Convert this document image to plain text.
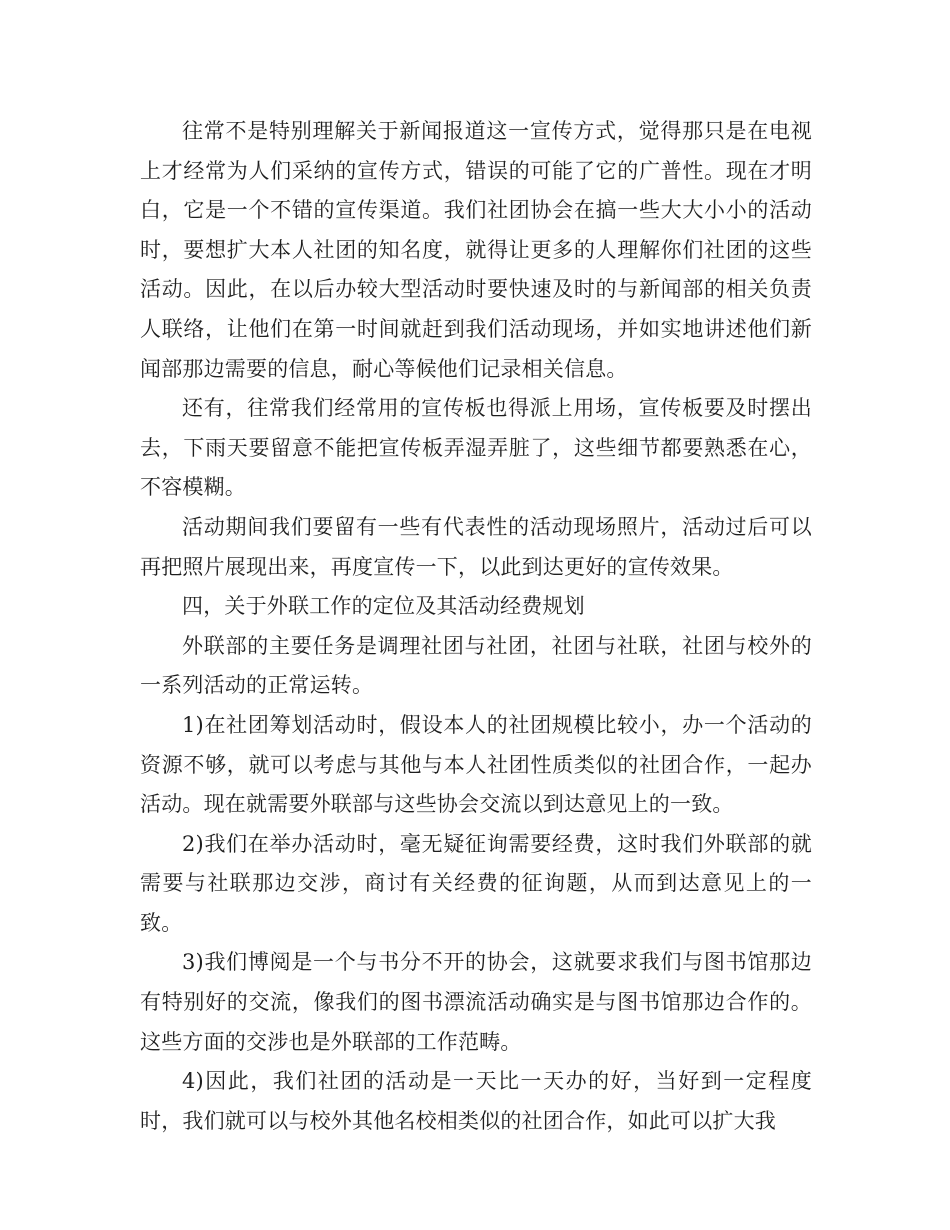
往常不是特别理解关于新闻报道这一宣传方式，觉得那只是在电视上才经常为人们采纳的宣传方式，错误的可能了它的广普性。现在才明白，它是一个不错的宣传渠道。我们社团协会在搞一些大大小小的活动时，要想扩大本人社团的知名度，就得让更多的人理解你们社团的这些活动。因此，在以后办较大型活动时要快速及时的与新闻部的相关负责人联络，让他们在第一时间就赶到我们活动现场，并如实地讲述他们新闻部那边需要的信息，耐心等候他们记录相关信息。

还有，往常我们经常用的宣传板也得派上用场，宣传板要及时摆出去，下雨天要留意不能把宣传板弄湿弄脏了，这些细节都要熟悉在心，不容模糊。

活动期间我们要留有一些有代表性的活动现场照片，活动过后可以再把照片展现出来，再度宣传一下，以此到达更好的宣传效果。

四，关于外联工作的定位及其活动经费规划

外联部的主要任务是调理社团与社团，社团与社联，社团与校外的一系列活动的正常运转。

1)在社团筹划活动时，假设本人的社团规模比较小，办一个活动的资源不够，就可以考虑与其他与本人社团性质类似的社团合作，一起办活动。现在就需要外联部与这些协会交流以到达意见上的一致。

2)我们在举办活动时，毫无疑征询需要经费，这时我们外联部的就需要与社联那边交涉，商讨有关经费的征询题，从而到达意见上的一致。

3)我们博阅是一个与书分不开的协会，这就要求我们与图书馆那边有特别好的交流，像我们的图书漂流活动确实是与图书馆那边合作的。这些方面的交涉也是外联部的工作范畴。

4)因此，我们社团的活动是一天比一天办的好，当好到一定程度时，我们就可以与校外其他名校相类似的社团合作，如此可以扩大我
